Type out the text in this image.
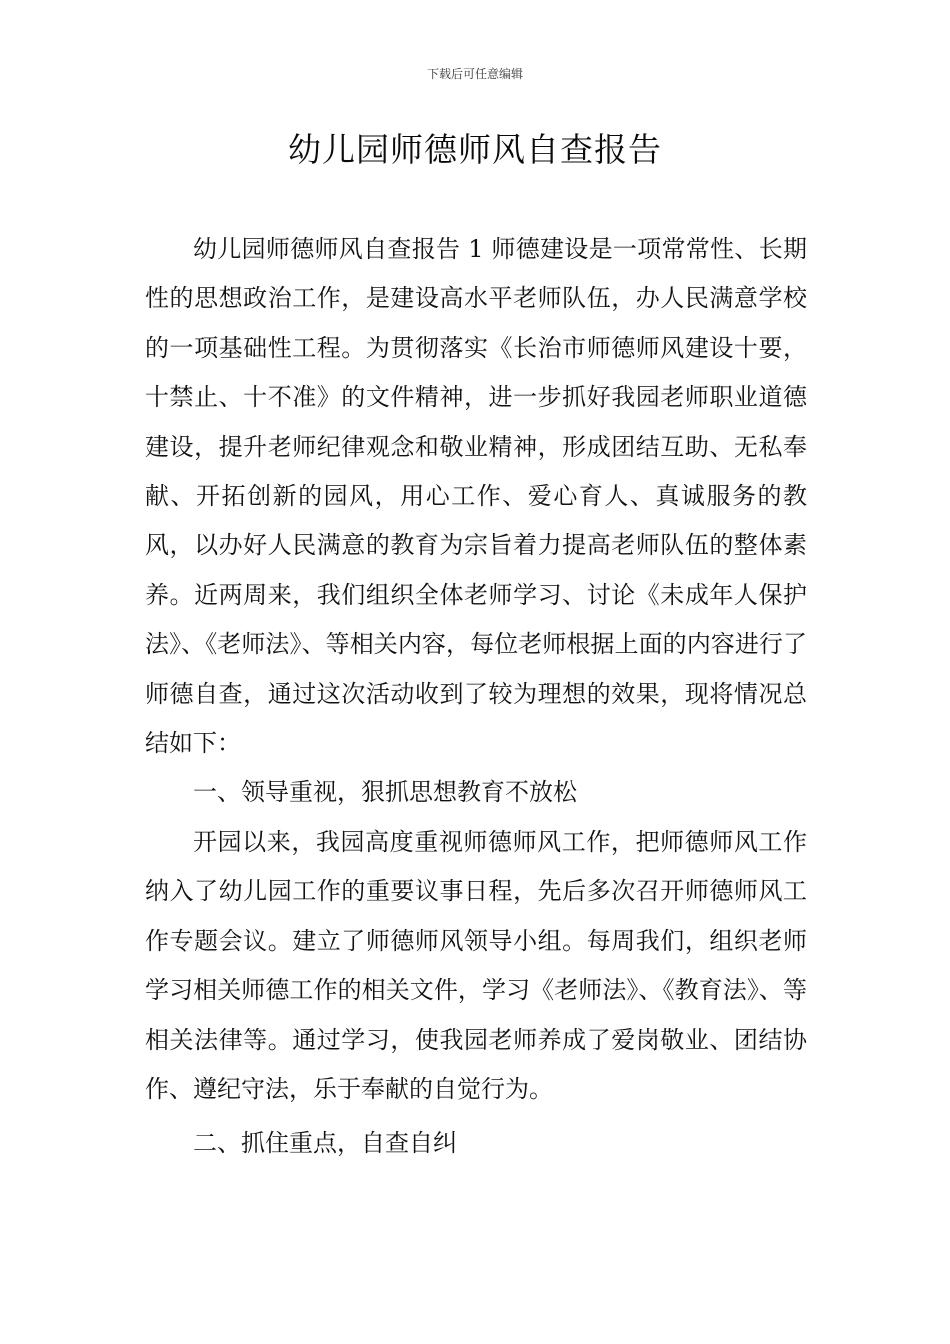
下载后可任意编辑
幼儿园师德师风自查报告

幼儿园师德师风自查报告 1 师德建设是一项常常性、长期性的思想政治工作，是建设高水平老师队伍，办人民满意学校的一项基础性工程。为贯彻落实《长治市师德师风建设十要，十禁止、十不准》的文件精神，进一步抓好我园老师职业道德建设，提升老师纪律观念和敬业精神，形成团结互助、无私奉献、开拓创新的园风，用心工作、爱心育人、真诚服务的教风，以办好人民满意的教育为宗旨着力提高老师队伍的整体素养。近两周来，我们组织全体老师学习、讨论《未成年人保护法》、《老师法》、等相关内容，每位老师根据上面的内容进行了师德自查，通过这次活动收到了较为理想的效果，现将情况总结如下：

一、领导重视，狠抓思想教育不放松

开园以来，我园高度重视师德师风工作，把师德师风工作纳入了幼儿园工作的重要议事日程，先后多次召开师德师风工作专题会议。建立了师德师风领导小组。每周我们，组织老师学习相关师德工作的相关文件，学习《老师法》、《教育法》、等相关法律等。通过学习，使我园老师养成了爱岗敬业、团结协作、遵纪守法，乐于奉献的自觉行为。

二、抓住重点，自查自纠
